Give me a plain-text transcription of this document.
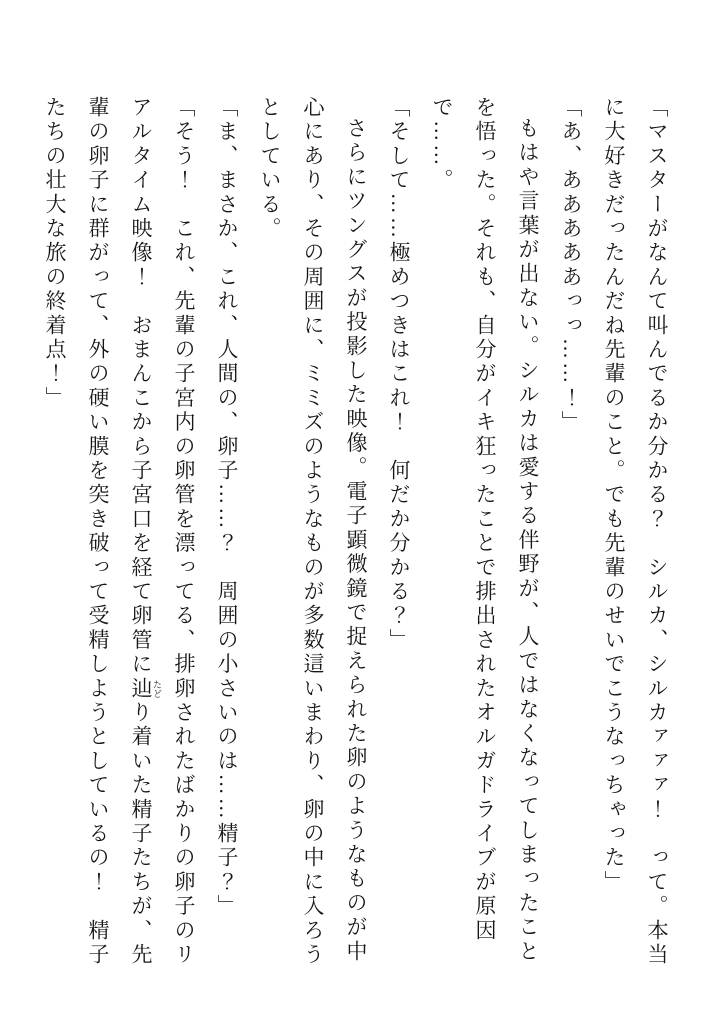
「マスターがなんて叫んでるか分かる？　シルカ、シルカァァァ！　って。本当に大好きだったんだね先輩のこと。でも先輩のせいでこうなっちゃった」

「あ、あああああっっ……！」

もはや言葉が出ない。シルカは愛する伴野が、人ではなくなってしまったことを悟った。それも、自分がイキ狂ったことで排出されたオルガドライブが原因で……。

「そして……極めつきはこれ！　何だか分かる？」

さらにツングスが投影した映像。電子顕微鏡で捉えられた卵のようなものが中心にあり、その周囲に、ミミズのようなものが多数這いまわり、卵の中に入ろうとしている。

「ま、まさか、これ、人間の、卵子……？　周囲の小さいのは……精子？」

「そう！　これ、先輩の子宮内の卵管を漂ってる、排卵されたばかりの卵子のリアルタイム映像！　おまんこから子宮口を経て卵管に辿 たどり着いた精子たちが、先輩の卵子に群がって、外の硬い膜を突き破って受精しようとしているの！　精子たちの壮大な旅の終着点！」
